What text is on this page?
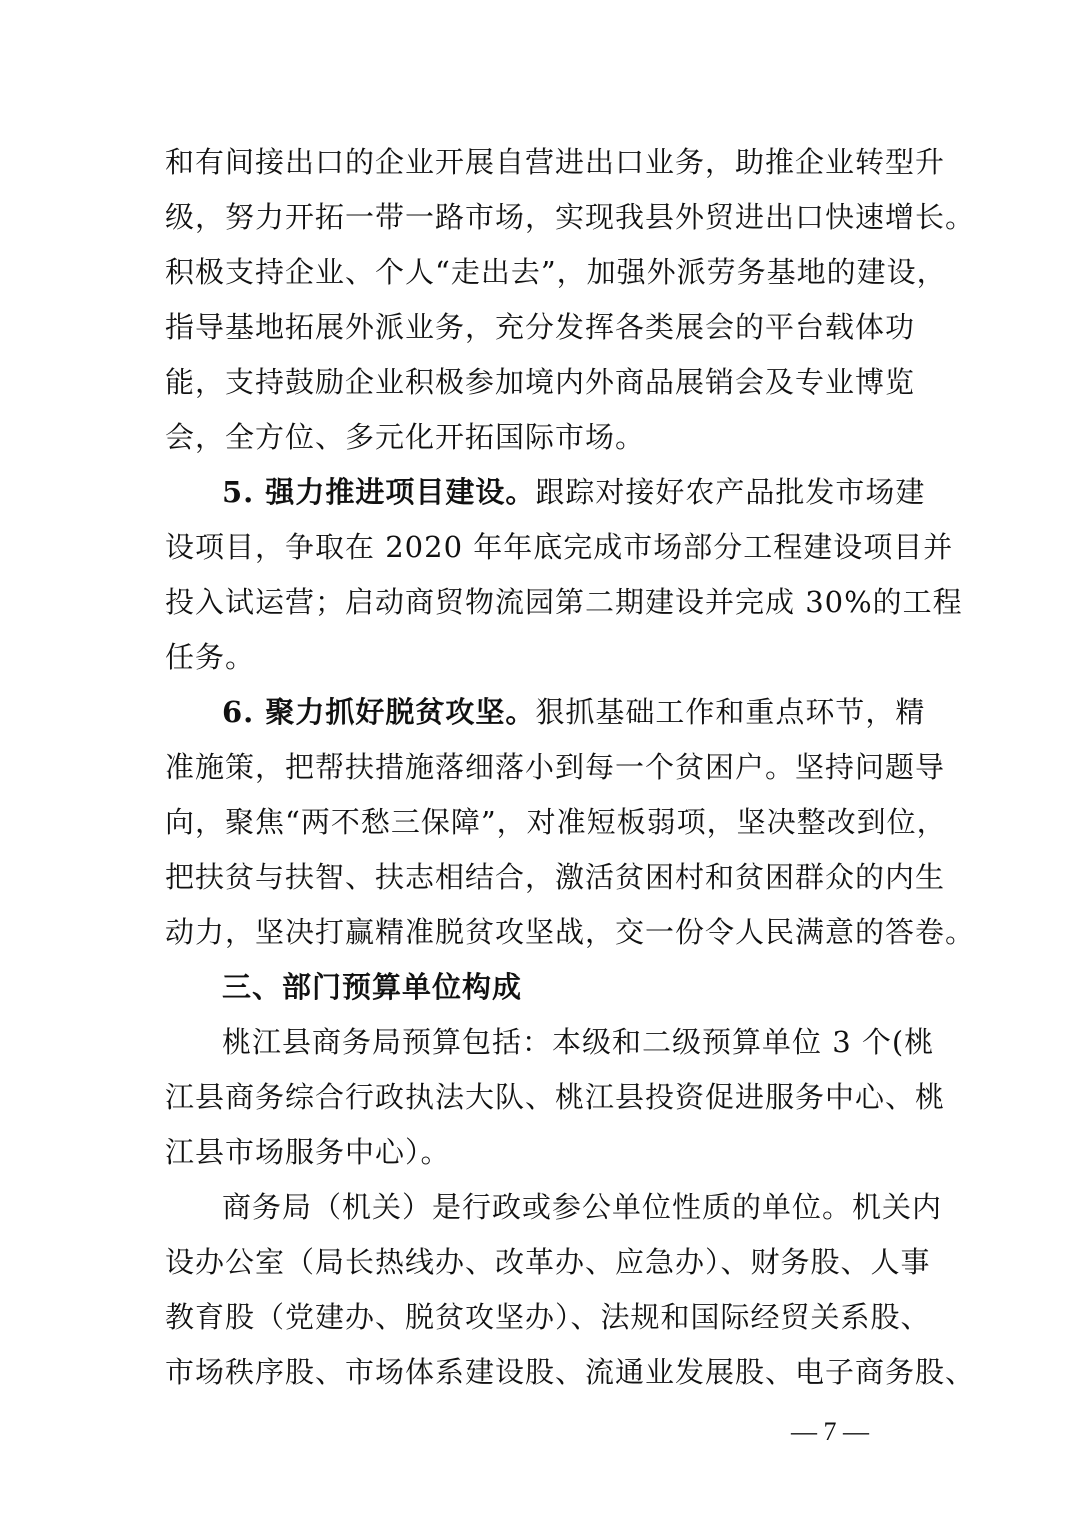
和有间接出口的企业开展自营进出口业务，助推企业转型升
级，努力开拓一带一路市场，实现我县外贸进出口快速增长。
积极支持企业、个人“走出去”，加强外派劳务基地的建设，
指导基地拓展外派业务，充分发挥各类展会的平台载体功
能，支持鼓励企业积极参加境内外商品展销会及专业博览
会，全方位、多元化开拓国际市场。
5. 强力推进项目建设。跟踪对接好农产品批发市场建
设项目，争取在 2020 年年底完成市场部分工程建设项目并
投入试运营；启动商贸物流园第二期建设并完成 30%的工程
任务。
6. 聚力抓好脱贫攻坚。狠抓基础工作和重点环节，精
准施策，把帮扶措施落细落小到每一个贫困户。坚持问题导
向，聚焦“两不愁三保障”，对准短板弱项，坚决整改到位，
把扶贫与扶智、扶志相结合，激活贫困村和贫困群众的内生
动力，坚决打赢精准脱贫攻坚战，交一份令人民满意的答卷。
三、部门预算单位构成
桃江县商务局预算包括：本级和二级预算单位 3 个(桃
江县商务综合行政执法大队、桃江县投资促进服务中心、桃
江县市场服务中心）。
商务局（机关）是行政或参公单位性质的单位。机关内
设办公室（局长热线办、改革办、应急办）、财务股、人事
教育股（党建办、脱贫攻坚办）、法规和国际经贸关系股、
市场秩序股、市场体系建设股、流通业发展股、电子商务股、
— 7 —
